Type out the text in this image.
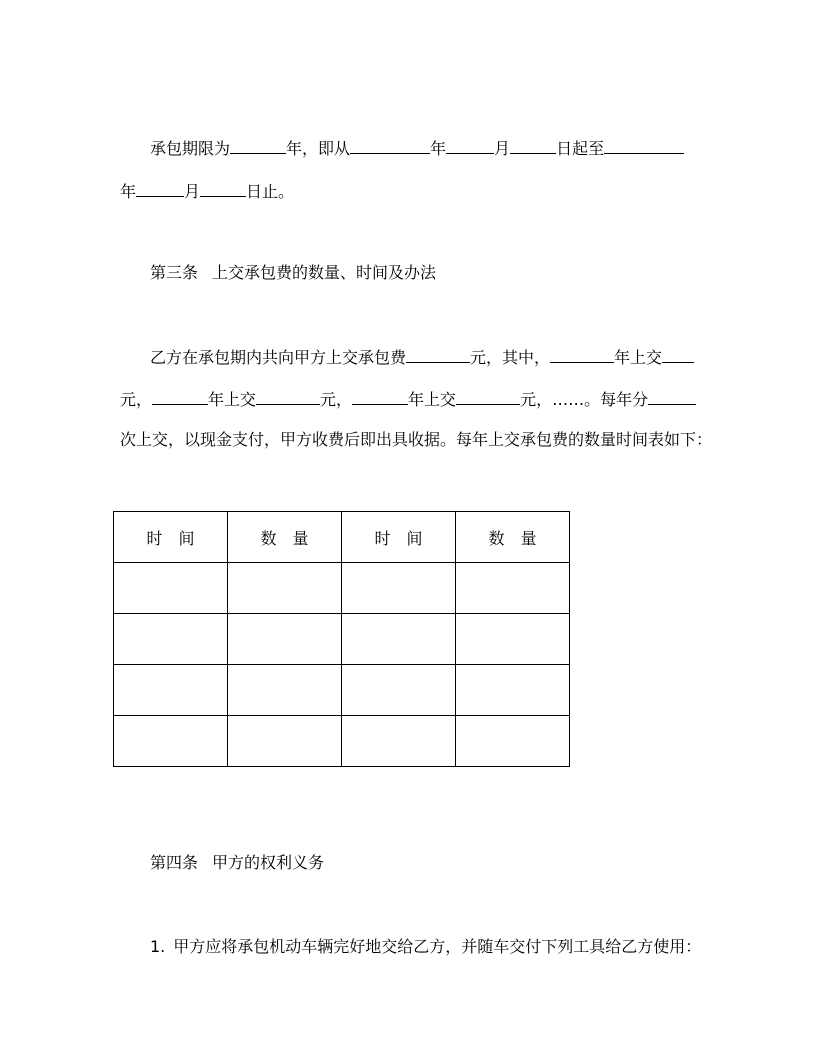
承包期限为	年，即从	年	月	日起至
年	月	日止。
第三条 上交承包费的数量、时间及办法
乙方在承包期内共向甲方上交承包费	元，其中，	年上交
元，	年上交	元，	年上交	元，……。每年分
次上交，以现金支付，甲方收费后即出具收据。每年上交承包费的数量时间表如下：
时　间	数　量	时　间	数　量

第四条 甲方的权利义务
1. 甲方应将承包机动车辆完好地交给乙方，并随车交付下列工具给乙方使用：
